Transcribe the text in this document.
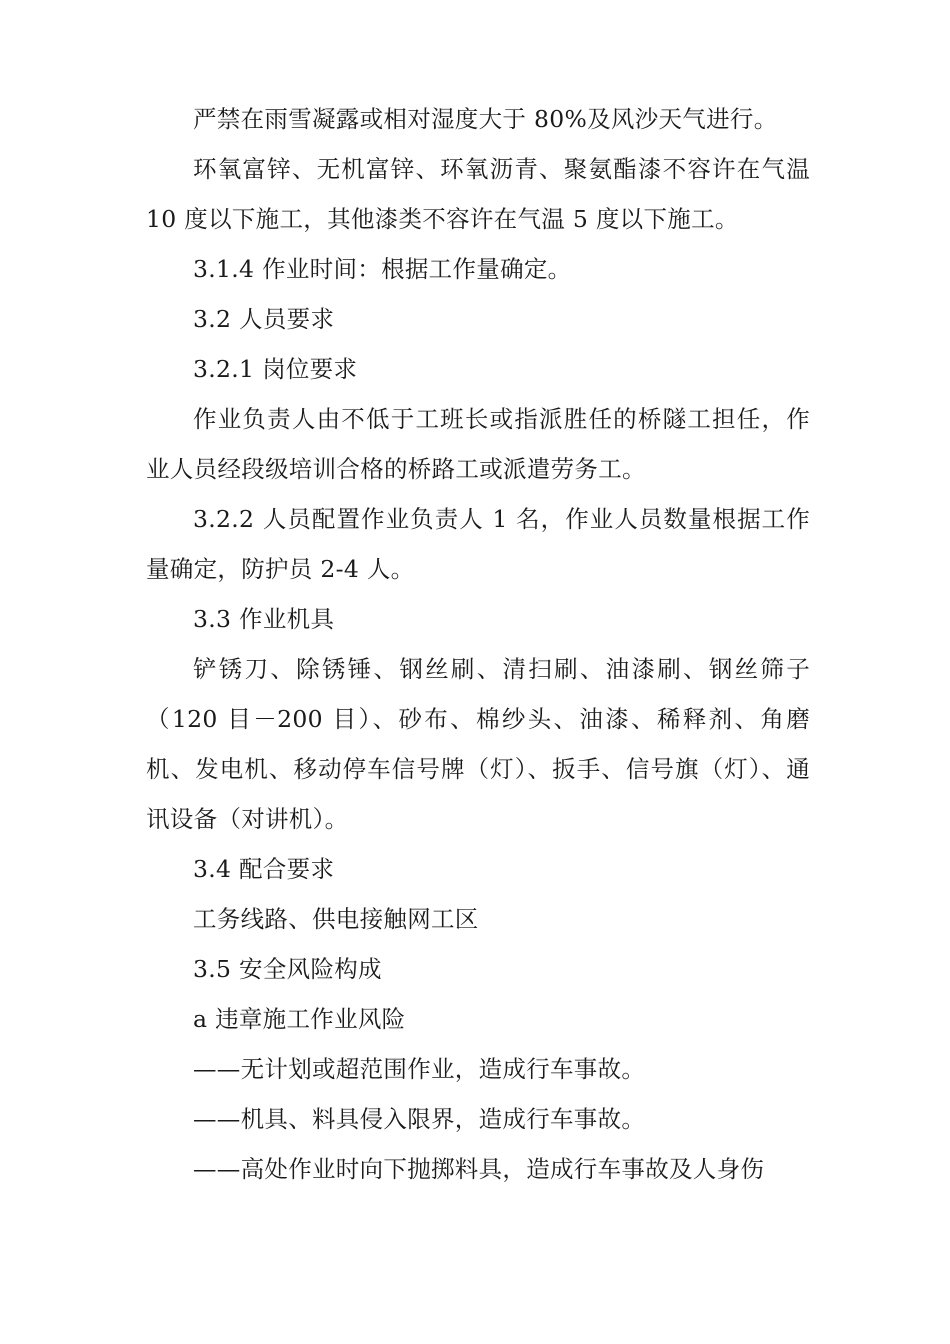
严禁在雨雪凝露或相对湿度大于 80%及风沙天气进行。

环氧富锌、无机富锌、环氧沥青、聚氨酯漆不容许在气温 10 度以下施工，其他漆类不容许在气温 5 度以下施工。

3.1.4 作业时间：根据工作量确定。

3.2 人员要求

3.2.1 岗位要求

作业负责人由不低于工班长或指派胜任的桥隧工担任，作业人员经段级培训合格的桥路工或派遣劳务工。

3.2.2 人员配置作业负责人 1 名，作业人员数量根据工作量确定，防护员 2-4 人。

3.3 作业机具

铲锈刀、除锈锤、钢丝刷、清扫刷、油漆刷、钢丝筛子（120 目－200 目）、砂布、棉纱头、油漆、稀释剂、角磨机、发电机、移动停车信号牌（灯）、扳手、信号旗（灯）、通讯设备（对讲机）。

3.4 配合要求

工务线路、供电接触网工区

3.5 安全风险构成

a 违章施工作业风险

——无计划或超范围作业，造成行车事故。

——机具、料具侵入限界，造成行车事故。

——高处作业时向下抛掷料具，造成行车事故及人身伤
